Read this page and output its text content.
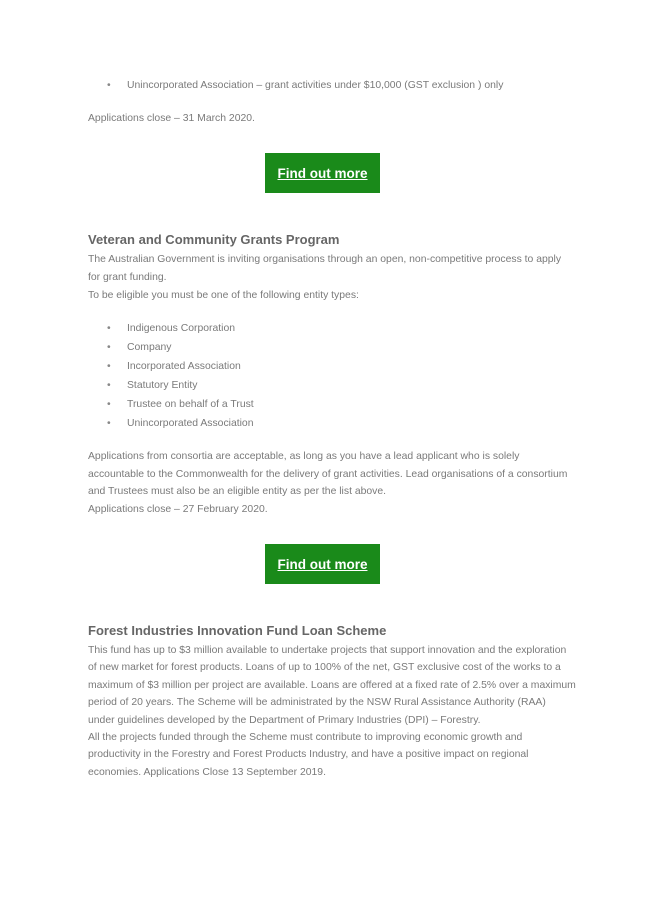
• Unincorporated Association – grant activities under $10,000 (GST exclusion ) only
Applications close – 31 March 2020.
Find out more
Veteran and Community Grants Program
The Australian Government is inviting organisations through an open, non-competitive process to apply
for grant funding.
To be eligible you must be one of the following entity types:
• Indigenous Corporation
• Company
• Incorporated Association
• Statutory Entity
• Trustee on behalf of a Trust
• Unincorporated Association
Applications from consortia are acceptable, as long as you have a lead applicant who is solely
accountable to the Commonwealth for the delivery of grant activities. Lead organisations of a consortium
and Trustees must also be an eligible entity as per the list above.
Applications close – 27 February 2020.
Find out more
Forest Industries Innovation Fund Loan Scheme
This fund has up to $3 million available to undertake projects that support innovation and the exploration
of new market for forest products. Loans of up to 100% of the net, GST exclusive cost of the works to a
maximum of $3 million per project are available. Loans are offered at a fixed rate of 2.5% over a maximum
period of 20 years. The Scheme will be administrated by the NSW Rural Assistance Authority (RAA)
under guidelines developed by the Department of Primary Industries (DPI) – Forestry.
All the projects funded through the Scheme must contribute to improving economic growth and
productivity in the Forestry and Forest Products Industry, and have a positive impact on regional
economies. Applications Close 13 September 2019.
